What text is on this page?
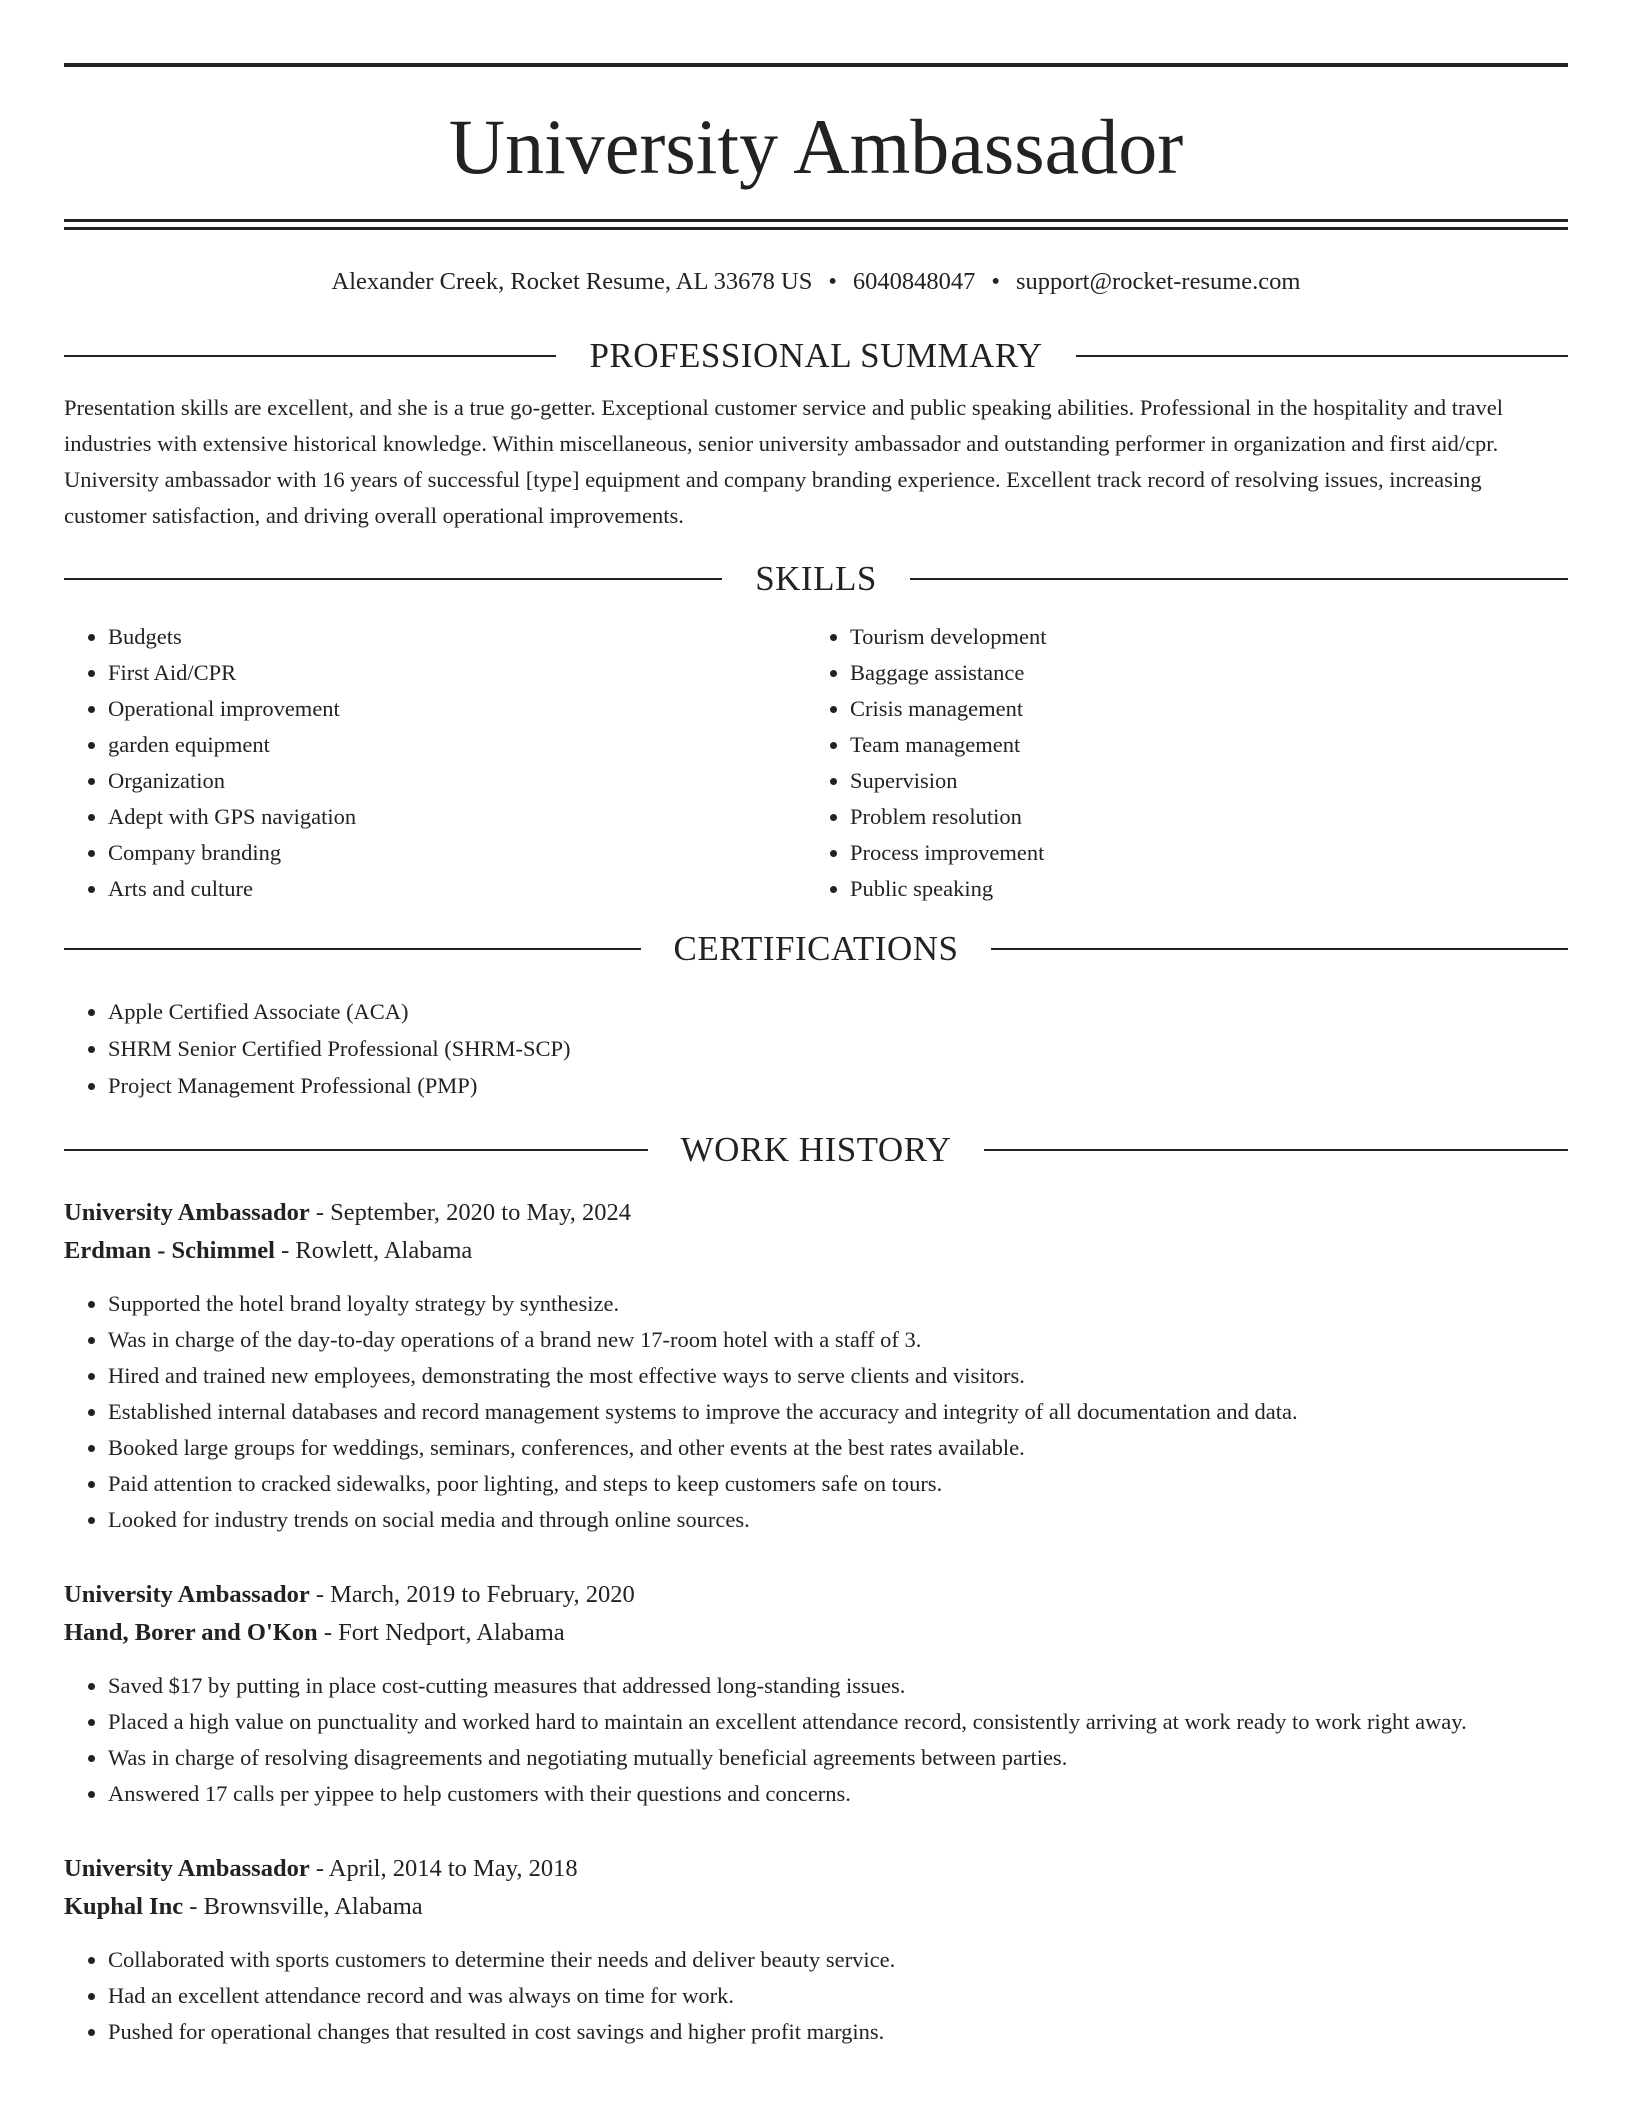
University Ambassador
Alexander Creek, Rocket Resume, AL 33678 US • 6040848047 • support@rocket-resume.com
PROFESSIONAL SUMMARY

Presentation skills are excellent, and she is a true go-getter. Exceptional customer service and public speaking abilities. Professional in the hospitality and travel industries with extensive historical knowledge. Within miscellaneous, senior university ambassador and outstanding performer in organization and first aid/cpr. University ambassador with 16 years of successful [type] equipment and company branding experience. Excellent track record of resolving issues, increasing customer satisfaction, and driving overall operational improvements.

SKILLS
• Budgets
• First Aid/CPR
• Operational improvement
• garden equipment
• Organization
• Adept with GPS navigation
• Company branding
• Arts and culture
• Tourism development
• Baggage assistance
• Crisis management
• Team management
• Supervision
• Problem resolution
• Process improvement
• Public speaking
CERTIFICATIONS
• Apple Certified Associate (ACA)
• SHRM Senior Certified Professional (SHRM-SCP)
• Project Management Professional (PMP)
WORK HISTORY
University Ambassador - September, 2020 to May, 2024
Erdman - Schimmel - Rowlett, Alabama
• Supported the hotel brand loyalty strategy by synthesize.
• Was in charge of the day-to-day operations of a brand new 17-room hotel with a staff of 3.
• Hired and trained new employees, demonstrating the most effective ways to serve clients and visitors.
• Established internal databases and record management systems to improve the accuracy and integrity of all documentation and data.
• Booked large groups for weddings, seminars, conferences, and other events at the best rates available.
• Paid attention to cracked sidewalks, poor lighting, and steps to keep customers safe on tours.
• Looked for industry trends on social media and through online sources.
University Ambassador - March, 2019 to February, 2020
Hand, Borer and O'Kon - Fort Nedport, Alabama
• Saved $17 by putting in place cost-cutting measures that addressed long-standing issues.
• Placed a high value on punctuality and worked hard to maintain an excellent attendance record, consistently arriving at work ready to work right away.
• Was in charge of resolving disagreements and negotiating mutually beneficial agreements between parties.
• Answered 17 calls per yippee to help customers with their questions and concerns.
University Ambassador - April, 2014 to May, 2018
Kuphal Inc - Brownsville, Alabama
• Collaborated with sports customers to determine their needs and deliver beauty service.
• Had an excellent attendance record and was always on time for work.
• Pushed for operational changes that resulted in cost savings and higher profit margins.
